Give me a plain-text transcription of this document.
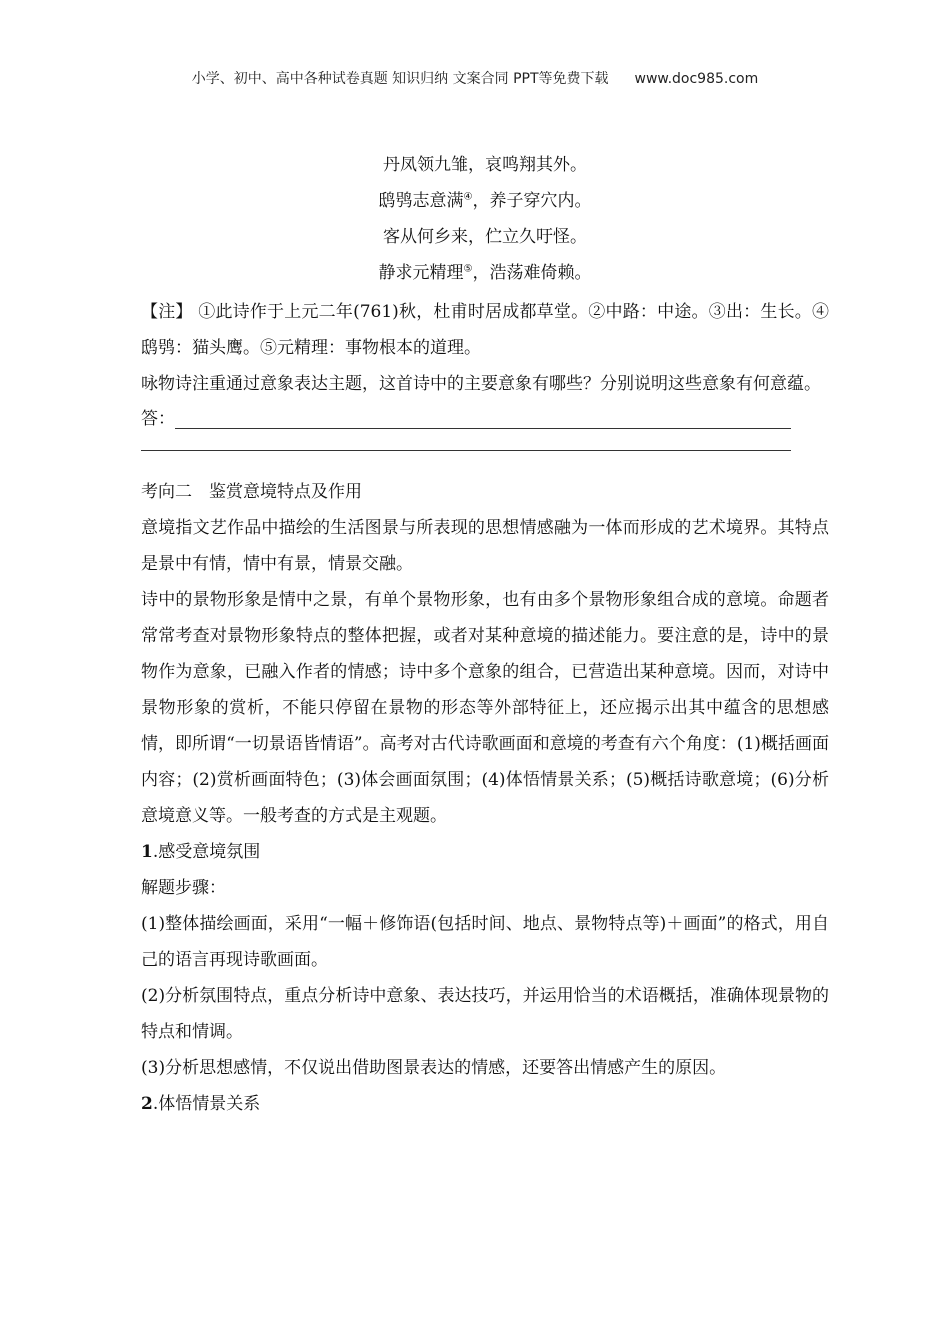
小学、初中、高中各种试卷真题 知识归纳 文案合同 PPT等免费下载 www.doc985.com

丹凤领九雏，哀鸣翔其外。

鸱鸮志意满④，养子穿穴内。

客从何乡来，伫立久吁怪。

静求元精理⑤，浩荡难倚赖。

【注】 ①此诗作于上元二年(761)秋，杜甫时居成都草堂。②中路：中途。③出：生长。④鸱鸮：猫头鹰。⑤元精理：事物根本的道理。

咏物诗注重通过意象表达主题，这首诗中的主要意象有哪些？分别说明这些意象有何意蕴。

答：

考向二　鉴赏意境特点及作用

意境指文艺作品中描绘的生活图景与所表现的思想情感融为一体而形成的艺术境界。其特点是景中有情，情中有景，情景交融。

诗中的景物形象是情中之景，有单个景物形象，也有由多个景物形象组合成的意境。命题者常常考查对景物形象特点的整体把握，或者对某种意境的描述能力。要注意的是，诗中的景物作为意象，已融入作者的情感；诗中多个意象的组合，已营造出某种意境。因而，对诗中景物形象的赏析，不能只停留在景物的形态等外部特征上，还应揭示出其中蕴含的思想感情，即所谓“一切景语皆情语”。高考对古代诗歌画面和意境的考查有六个角度：(1)概括画面内容；(2)赏析画面特色；(3)体会画面氛围；(4)体悟情景关系；(5)概括诗歌意境；(6)分析意境意义等。一般考查的方式是主观题。

1.感受意境氛围

解题步骤：

(1)整体描绘画面，采用“一幅＋修饰语(包括时间、地点、景物特点等)＋画面”的格式，用自己的语言再现诗歌画面。

(2)分析氛围特点，重点分析诗中意象、表达技巧，并运用恰当的术语概括，准确体现景物的特点和情调。

(3)分析思想感情，不仅说出借助图景表达的情感，还要答出情感产生的原因。

2.体悟情景关系
